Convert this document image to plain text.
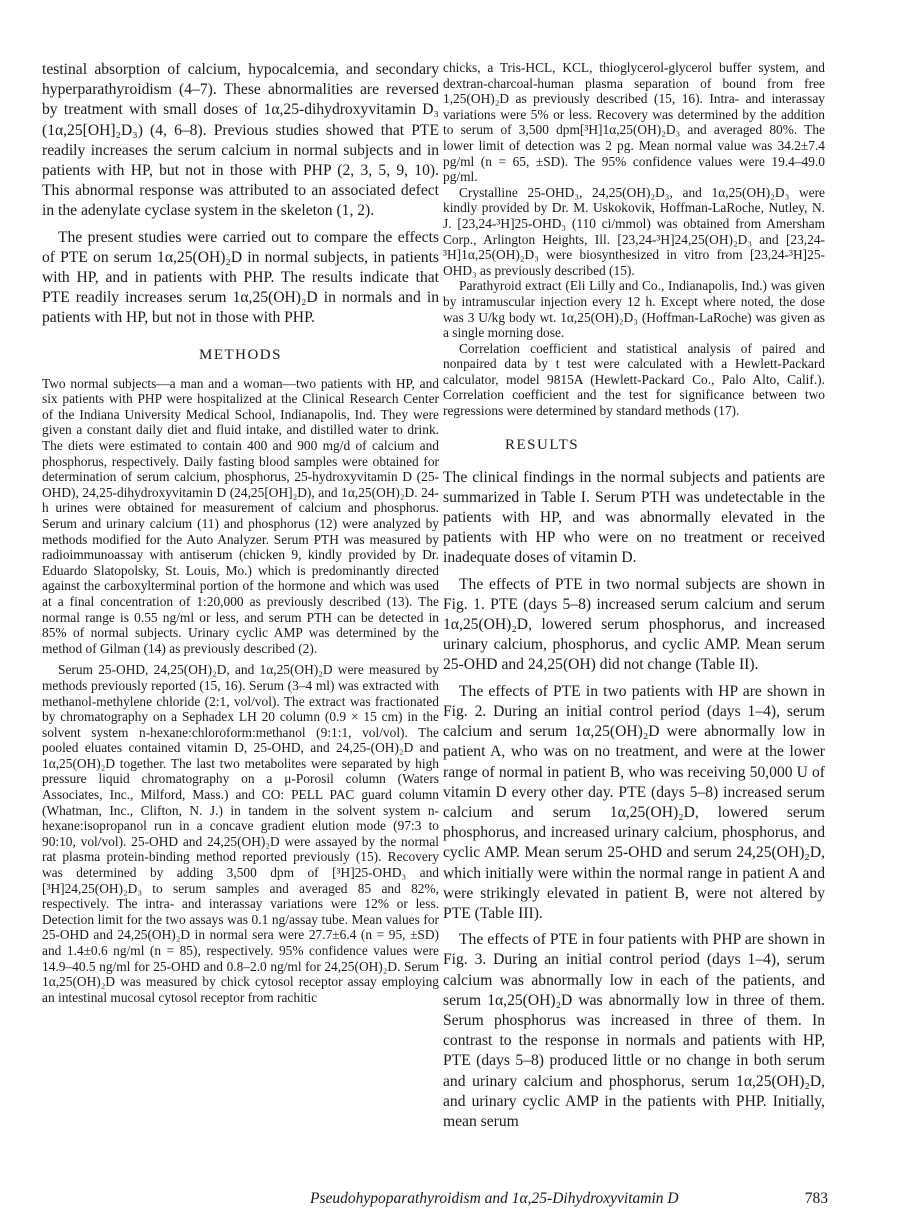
testinal absorption of calcium, hypocalcemia, and secondary hyperparathyroidism (4–7). These abnormalities are reversed by treatment with small doses of 1α,25-dihydroxyvitamin D₃ (1α,25[OH]₂D₃) (4, 6–8). Previous studies showed that PTE readily increases the serum calcium in normal subjects and in patients with HP, but not in those with PHP (2, 3, 5, 9, 10). This abnormal response was attributed to an associated defect in the adenylate cyclase system in the skeleton (1, 2).

The present studies were carried out to compare the effects of PTE on serum 1α,25(OH)₂D in normal subjects, in patients with HP, and in patients with PHP. The results indicate that PTE readily increases serum 1α,25(OH)₂D in normals and in patients with HP, but not in those with PHP.

METHODS

Two normal subjects—a man and a woman—two patients with HP, and six patients with PHP were hospitalized at the Clinical Research Center of the Indiana University Medical School, Indianapolis, Ind. They were given a constant daily diet and fluid intake, and distilled water to drink. The diets were estimated to contain 400 and 900 mg/d of calcium and phosphorus, respectively. Daily fasting blood samples were obtained for determination of serum calcium, phosphorus, 25-hydroxyvitamin D (25-OHD), 24,25-dihydroxyvitamin D (24,25[OH]₂D), and 1α,25(OH)₂D. 24-h urines were obtained for measurement of calcium and phosphorus. Serum and urinary calcium (11) and phosphorus (12) were analyzed by methods modified for the Auto Analyzer. Serum PTH was measured by radioimmunoassay with antiserum (chicken 9, kindly provided by Dr. Eduardo Slatopolsky, St. Louis, Mo.) which is predominantly directed against the carboxylterminal portion of the hormone and which was used at a final concentration of 1:20,000 as previously described (13). The normal range is 0.55 ng/ml or less, and serum PTH can be detected in 85% of normal subjects. Urinary cyclic AMP was determined by the method of Gilman (14) as previously described (2).

Serum 25-OHD, 24,25(OH)₂D, and 1α,25(OH)₂D were measured by methods previously reported (15, 16). Serum (3–4 ml) was extracted with methanol-methylene chloride (2:1, vol/vol). The extract was fractionated by chromatography on a Sephadex LH 20 column (0.9 × 15 cm) in the solvent system n-hexane:chloroform:methanol (9:1:1, vol/vol). The pooled eluates contained vitamin D, 25-OHD, and 24,25-(OH)₂D and 1α,25(OH)₂D together. The last two metabolites were separated by high pressure liquid chromatography on a μ-Porosil column (Waters Associates, Inc., Milford, Mass.) and CO: PELL PAC guard column (Whatman, Inc., Clifton, N. J.) in tandem in the solvent system n-hexane:isopropanol run in a concave gradient elution mode (97:3 to 90:10, vol/vol). 25-OHD and 24,25(OH)₂D were assayed by the normal rat plasma protein-binding method reported previously (15). Recovery was determined by adding 3,500 dpm of [³H]25-OHD₃ and [³H]24,25(OH)₂D₃ to serum samples and averaged 85 and 82%, respectively. The intra- and interassay variations were 12% or less. Detection limit for the two assays was 0.1 ng/assay tube. Mean values for 25-OHD and 24,25(OH)₂D in normal sera were 27.7±6.4 (n = 95, ±SD) and 1.4±0.6 ng/ml (n = 85), respectively. 95% confidence values were 14.9–40.5 ng/ml for 25-OHD and 0.8–2.0 ng/ml for 24,25(OH)₂D. Serum 1α,25(OH)₂D was measured by chick cytosol receptor assay employing an intestinal mucosal cytosol receptor from rachitic

chicks, a Tris-HCL, KCL, thioglycerol-glycerol buffer system, and dextran-charcoal-human plasma separation of bound from free 1,25(OH)₂D as previously described (15, 16). Intra- and interassay variations were 5% or less. Recovery was determined by the addition to serum of 3,500 dpm[³H]1α,25(OH)₂D₃ and averaged 80%. The lower limit of detection was 2 pg. Mean normal value was 34.2±7.4 pg/ml (n = 65, ±SD). The 95% confidence values were 19.4–49.0 pg/ml.

Crystalline 25-OHD₃, 24,25(OH)₂D₃, and 1α,25(OH)₂D₃ were kindly provided by Dr. M. Uskokovik, Hoffman-LaRoche, Nutley, N. J. [23,24-³H]25-OHD₃ (110 ci/mmol) was obtained from Amersham Corp., Arlington Heights, Ill. [23,24-³H]24,25(OH)₂D₃ and [23,24-³H]1α,25(OH)₂D₃ were biosynthesized in vitro from [23,24-³H]25-OHD₃ as previously described (15).

Parathyroid extract (Eli Lilly and Co., Indianapolis, Ind.) was given by intramuscular injection every 12 h. Except where noted, the dose was 3 U/kg body wt. 1α,25(OH)₂D₃ (Hoffman-LaRoche) was given as a single morning dose.

Correlation coefficient and statistical analysis of paired and nonpaired data by t test were calculated with a Hewlett-Packard calculator, model 9815A (Hewlett-Packard Co., Palo Alto, Calif.). Correlation coefficient and the test for significance between two regressions were determined by standard methods (17).

RESULTS

The clinical findings in the normal subjects and patients are summarized in Table I. Serum PTH was undetectable in the patients with HP, and was abnormally elevated in the patients with HP who were on no treatment or received inadequate doses of vitamin D.

The effects of PTE in two normal subjects are shown in Fig. 1. PTE (days 5–8) increased serum calcium and serum 1α,25(OH)₂D, lowered serum phosphorus, and increased urinary calcium, phosphorus, and cyclic AMP. Mean serum 25-OHD and 24,25(OH) did not change (Table II).

The effects of PTE in two patients with HP are shown in Fig. 2. During an initial control period (days 1–4), serum calcium and serum 1α,25(OH)₂D were abnormally low in patient A, who was on no treatment, and were at the lower range of normal in patient B, who was receiving 50,000 U of vitamin D every other day. PTE (days 5–8) increased serum calcium and serum 1α,25(OH)₂D, lowered serum phosphorus, and increased urinary calcium, phosphorus, and cyclic AMP. Mean serum 25-OHD and serum 24,25(OH)₂D, which initially were within the normal range in patient A and were strikingly elevated in patient B, were not altered by PTE (Table III).

The effects of PTE in four patients with PHP are shown in Fig. 3. During an initial control period (days 1–4), serum calcium was abnormally low in each of the patients, and serum 1α,25(OH)₂D was abnormally low in three of them. Serum phosphorus was increased in three of them. In contrast to the response in normals and patients with HP, PTE (days 5–8) produced little or no change in both serum and urinary calcium and phosphorus, serum 1α,25(OH)₂D, and urinary cyclic AMP in the patients with PHP. Initially, mean serum

Pseudohypoparathyroidism and 1α,25-Dihydroxyvitamin D	783
